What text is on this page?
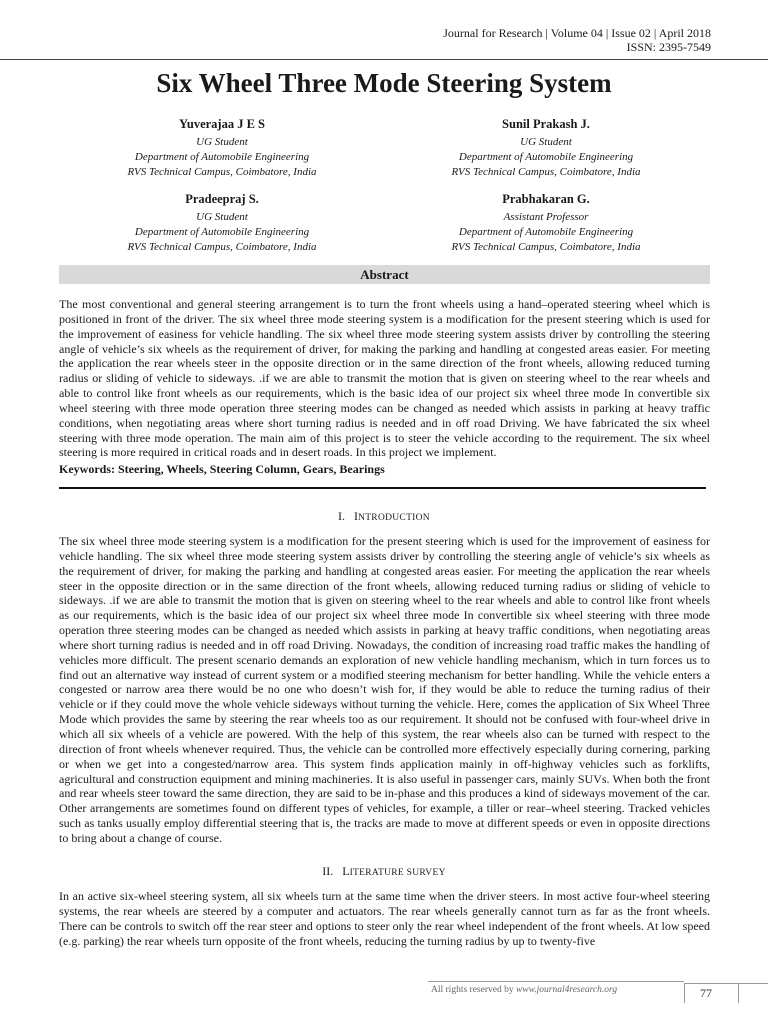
Journal for Research | Volume 04 | Issue 02 | April 2018
ISSN: 2395-7549
Six Wheel Three Mode Steering System
Yuverajaa J E S
UG Student
Department of Automobile Engineering
RVS Technical Campus, Coimbatore, India
Sunil Prakash J.
UG Student
Department of Automobile Engineering
RVS Technical Campus, Coimbatore, India
Pradeepraj S.
UG Student
Department of Automobile Engineering
RVS Technical Campus, Coimbatore, India
Prabhakaran G.
Assistant Professor
Department of Automobile Engineering
RVS Technical Campus, Coimbatore, India
Abstract
The most conventional and general steering arrangement is to turn the front wheels using a hand–operated steering wheel which is positioned in front of the driver. The six wheel three mode steering system is a modification for the present steering which is used for the improvement of easiness for vehicle handling. The six wheel three mode steering system assists driver by controlling the steering angle of vehicle’s six wheels as the requirement of driver, for making the parking and handling at congested areas easier. For meeting the application the rear wheels steer in the opposite direction or in the same direction of the front wheels, allowing reduced turning radius or sliding of vehicle to sideways. .if we are able to transmit the motion that is given on steering wheel to the rear wheels and able to control like front wheels as our requirements, which is the basic idea of our project six wheel three mode In convertible six wheel steering with three mode operation three steering modes can be changed as needed which assists in parking at heavy traffic conditions, when negotiating areas where short turning radius is needed and in off road Driving. We have fabricated the six wheel steering with three mode operation. The main aim of this project is to steer the vehicle according to the requirement. The six wheel steering is more required in critical roads and in desert roads. In this project we implement.
Keywords: Steering, Wheels, Steering Column, Gears, Bearings
I. INTRODUCTION
The six wheel three mode steering system is a modification for the present steering which is used for the improvement of easiness for vehicle handling. The six wheel three mode steering system assists driver by controlling the steering angle of vehicle’s six wheels as the requirement of driver, for making the parking and handling at congested areas easier. For meeting the application the rear wheels steer in the opposite direction or in the same direction of the front wheels, allowing reduced turning radius or sliding of vehicle to sideways. .if we are able to transmit the motion that is given on steering wheel to the rear wheels and able to control like front wheels as our requirements, which is the basic idea of our project six wheel three mode In convertible six wheel steering with three mode operation three steering modes can be changed as needed which assists in parking at heavy traffic conditions, when negotiating areas where short turning radius is needed and in off road Driving. Nowadays, the condition of increasing road traffic makes the handling of vehicles more difficult. The present scenario demands an exploration of new vehicle handling mechanism, which in turn forces us to find out an alternative way instead of current system or a modified steering mechanism for better handling. While the vehicle enters a congested or narrow area there would be no one who doesn’t wish for, if they would be able to reduce the turning radius of their vehicle or if they could move the whole vehicle sideways without turning the vehicle. Here, comes the application of Six Wheel Three Mode which provides the same by steering the rear wheels too as our requirement. It should not be confused with four-wheel drive in which all six wheels of a vehicle are powered. With the help of this system, the rear wheels also can be turned with respect to the direction of front wheels whenever required. Thus, the vehicle can be controlled more effectively especially during cornering, parking or when we get into a congested/narrow area. This system finds application mainly in off-highway vehicles such as forklifts, agricultural and construction equipment and mining machineries. It is also useful in passenger cars, mainly SUVs. When both the front and rear wheels steer toward the same direction, they are said to be in-phase and this produces a kind of sideways movement of the car. Other arrangements are sometimes found on different types of vehicles, for example, a tiller or rear–wheel steering. Tracked vehicles such as tanks usually employ differential steering that is, the tracks are made to move at different speeds or even in opposite directions to bring about a change of course.
II. LITERATURE SURVEY
In an active six-wheel steering system, all six wheels turn at the same time when the driver steers. In most active four-wheel steering systems, the rear wheels are steered by a computer and actuators. The rear wheels generally cannot turn as far as the front wheels. There can be controls to switch off the rear steer and options to steer only the rear wheel independent of the front wheels. At low speed (e.g. parking) the rear wheels turn opposite of the front wheels, reducing the turning radius by up to twenty-five
All rights reserved by www.journal4research.org	77
